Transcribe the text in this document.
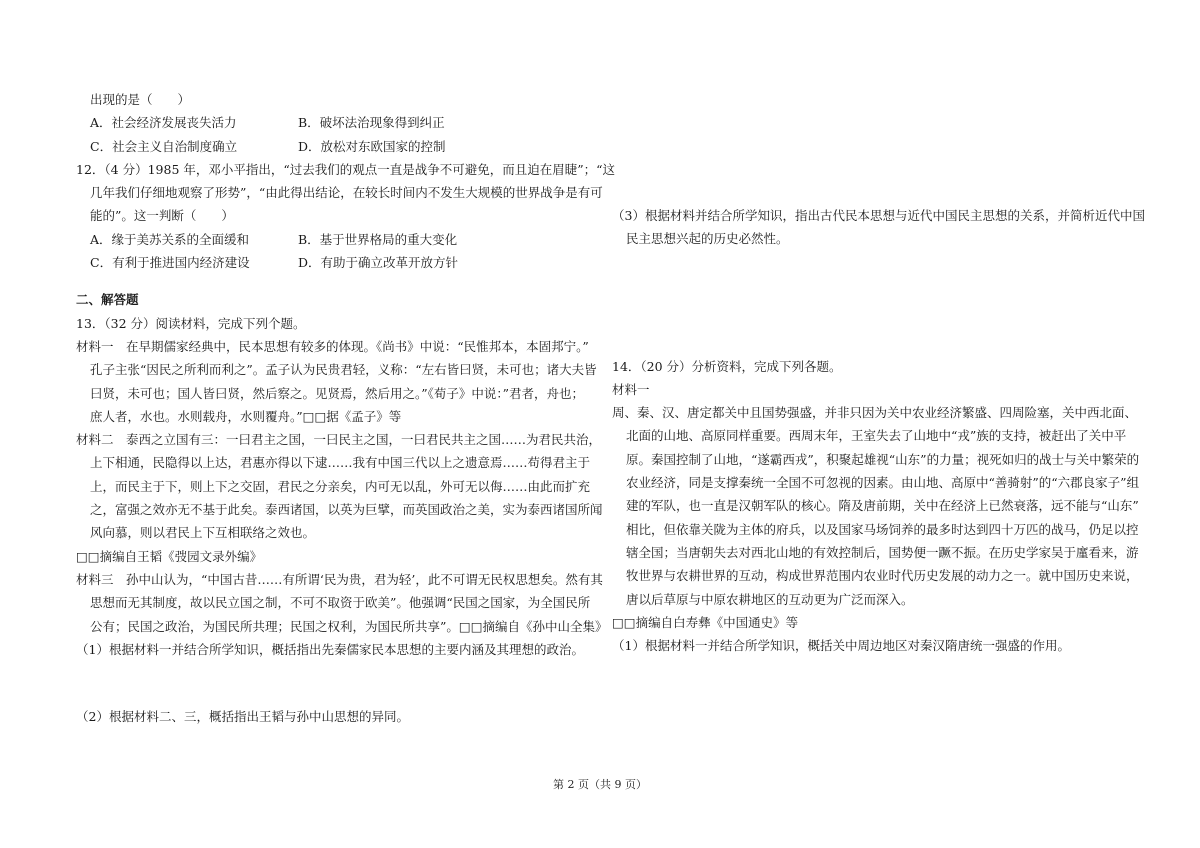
出现的是（　　）
A．社会经济发展丧失活力	B．破坏法治现象得到纠正
C．社会主义自治制度确立	D．放松对东欧国家的控制
12．（4 分）1985 年，邓小平指出，“过去我们的观点一直是战争不可避免，而且迫在眉睫”；“这
几年我们仔细地观察了形势”，“由此得出结论，在较长时间内不发生大规模的世界战争是有可
能的”。这一判断（　　）
A．缘于美苏关系的全面缓和	B．基于世界格局的重大变化
C．有利于推进国内经济建设	D．有助于确立改革开放方针
二、解答题
13．（32 分）阅读材料，完成下列个题。
材料一　在早期儒家经典中，民本思想有较多的体现。《尚书》中说：“民惟邦本，本固邦宁。”
孔子主张“因民之所利而利之”。孟子认为民贵君轻，义称：“左右皆曰贤，未可也；诸大夫皆
曰贤，未可也；国人皆曰贤，然后察之。见贤焉，然后用之。”《荀子》中说：”君者，舟也；
庶人者，水也。水则载舟，水则覆舟。”□□据《孟子》等
材料二　泰西之立国有三：一曰君主之国，一曰民主之国，一曰君民共主之国……为君民共治，
上下相通，民隐得以上达，君惠亦得以下逮……我有中国三代以上之遗意焉……苟得君主于
上，而民主于下，则上下之交固，君民之分亲矣，内可无以乱，外可无以侮……由此而扩充
之，富强之效亦无不基于此矣。泰西诸国，以英为巨擘，而英国政治之美，实为泰西诸国所闻
风向慕，则以君民上下互相联络之效也。
□□摘编自王韬《弢园文录外编》
材料三　孙中山认为，“中国古昔……有所谓‘民为贵，君为轻’，此不可谓无民权思想矣。然有其
思想而无其制度，故以民立国之制，不可不取资于欧美”。他强调“民国之国家，为全国民所
公有；民国之政治，为国民所共理；民国之权利，为国民所共享”。□□摘编自《孙中山全集》
（1）根据材料一并结合所学知识，概括指出先秦儒家民本思想的主要内涵及其理想的政治。
（2）根据材料二、三，概括指出王韬与孙中山思想的异同。
（3）根据材料并结合所学知识，指出古代民本思想与近代中国民主思想的关系，并简析近代中国
民主思想兴起的历史必然性。
14．（20 分）分析资料，完成下列各题。
材料一
周、秦、汉、唐定都关中且国势强盛，并非只因为关中农业经济繁盛、四周险塞，关中西北面、
北面的山地、高原同样重要。西周末年，王室失去了山地中“戎”族的支持，被赶出了关中平
原。秦国控制了山地，“遂霸西戎”，积聚起雄视“山东”的力量；视死如归的战士与关中繁荣的
农业经济，同是支撑秦统一全国不可忽视的因素。由山地、高原中“善骑射”的“六郡良家子”组
建的军队，也一直是汉朝军队的核心。隋及唐前期，关中在经济上已然衰落，远不能与“山东”
相比，但依靠关陇为主体的府兵，以及国家马场饲养的最多时达到四十万匹的战马，仍足以控
辖全国；当唐朝失去对西北山地的有效控制后，国势便一蹶不振。在历史学家吴于廑看来，游
牧世界与农耕世界的互动，构成世界范围内农业时代历史发展的动力之一。就中国历史来说，
唐以后草原与中原农耕地区的互动更为广泛而深入。
□□摘编自白寿彝《中国通史》等
（1）根据材料一并结合所学知识，概括关中周边地区对秦汉隋唐统一强盛的作用。
第 2 页（共 9 页）
